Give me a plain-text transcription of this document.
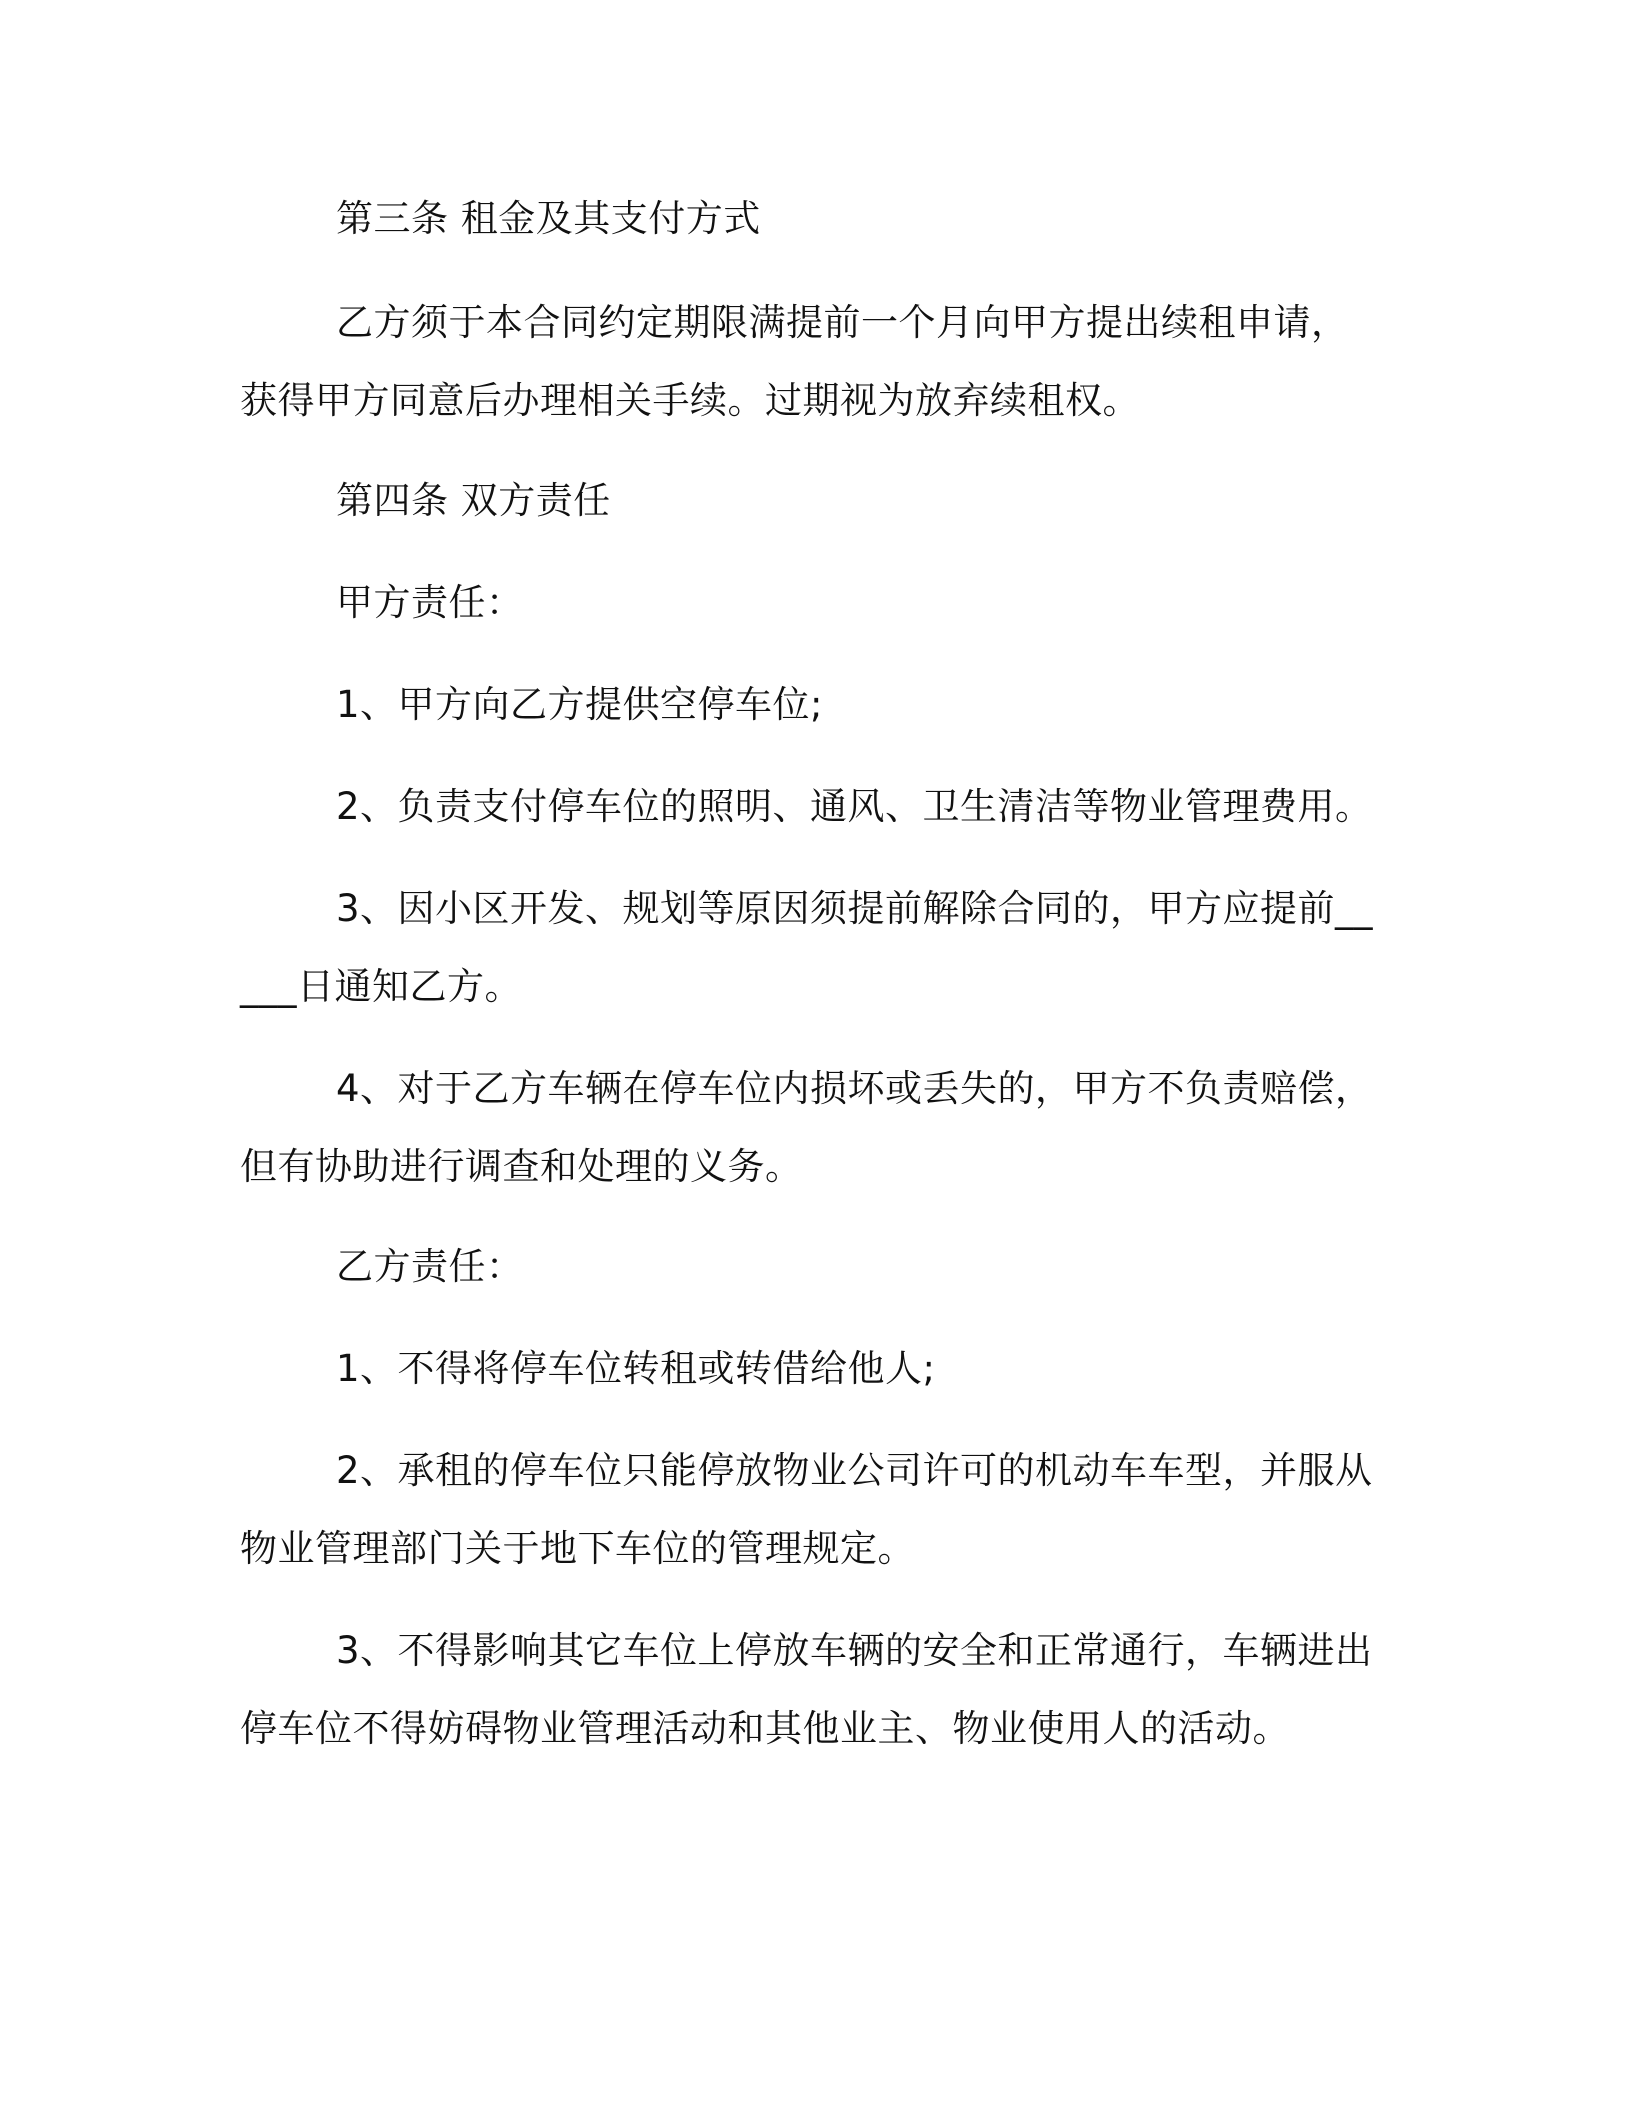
第三条 租金及其支付方式

乙方须于本合同约定期限满提前一个月向甲方提出续租申请，获得甲方同意后办理相关手续。过期视为放弃续租权。

第四条 双方责任

甲方责任：

1、甲方向乙方提供空停车位;

2、负责支付停车位的照明、通风、卫生清洁等物业管理费用。

3、因小区开发、规划等原因须提前解除合同的，甲方应提前_____日通知乙方。

4、对于乙方车辆在停车位内损坏或丢失的，甲方不负责赔偿，但有协助进行调查和处理的义务。

乙方责任：

1、不得将停车位转租或转借给他人;

2、承租的停车位只能停放物业公司许可的机动车车型，并服从物业管理部门关于地下车位的管理规定。

3、不得影响其它车位上停放车辆的安全和正常通行，车辆进出停车位不得妨碍物业管理活动和其他业主、物业使用人的活动。
